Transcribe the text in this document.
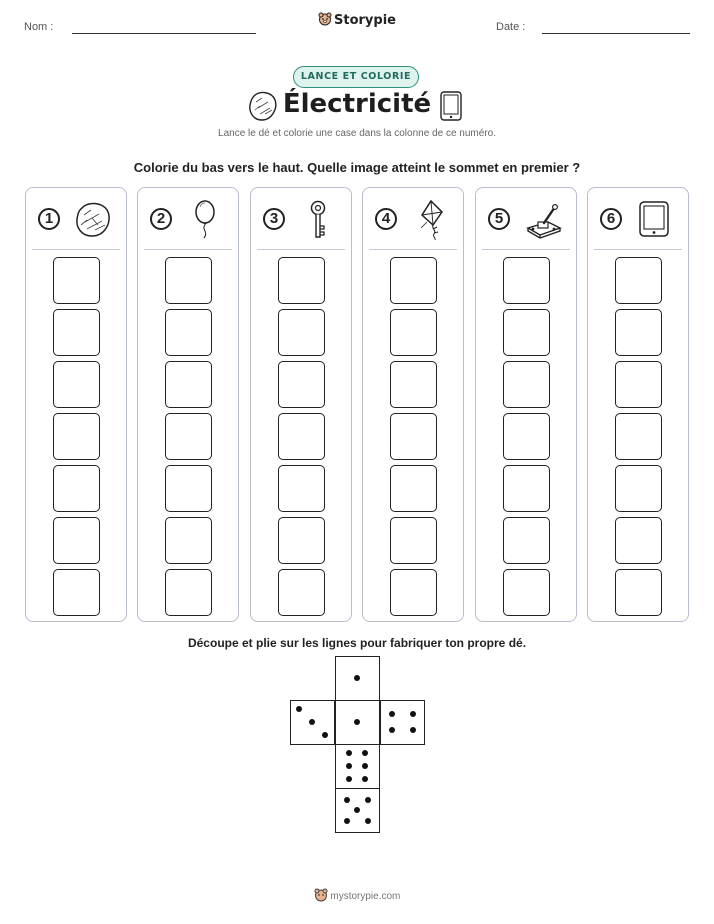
Nom :	Storypie	Date :
LANCE ET COLORIE
Électricité
Lance le dé et colorie une case dans la colonne de ce numéro.
Colorie du bas vers le haut. Quelle image atteint le sommet en premier ?
1	2	3	4	5	6
Découpe et plie sur les lignes pour fabriquer ton propre dé.
mystorypie.com
